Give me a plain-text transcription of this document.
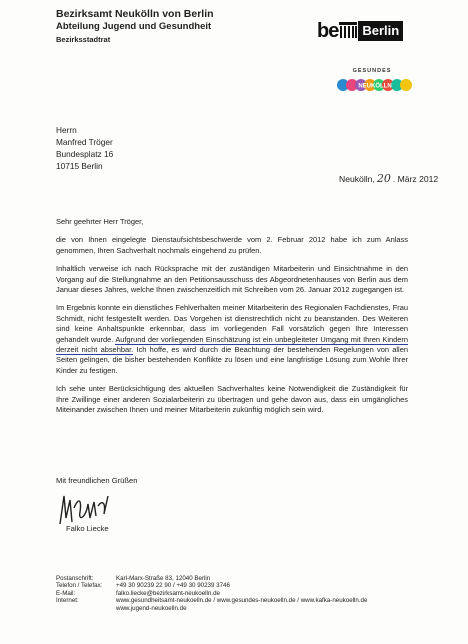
Bezirksamt Neukölln von Berlin
Abteilung Jugend und Gesundheit
Bezirksstadtrat	be	Berlin
GESUNDES
NEUKÖLLN
Herrn
Manfred Tröger
Bundesplatz 16
10715 Berlin
Neukölln, 20 . März 2012

Sehr geehrter Herr Tröger,

die von Ihnen eingelegte Dienstaufsichtsbeschwerde vom 2. Februar 2012 habe ich zum Anlass genommen, Ihren Sachverhalt nochmals eingehend zu prüfen.

Inhaltlich verweise ich nach Rücksprache mit der zuständigen Mitarbeiterin und Einsichtnahme in den Vorgang auf die Stellungnahme an den Petitionsausschuss des Abgeordnetenhauses von Berlin aus dem Januar dieses Jahres, welche Ihnen zwischenzeitlich mit Schreiben vom 26. Januar 2012 zugegangen ist.

Im Ergebnis konnte ein dienstliches Fehlverhalten meiner Mitarbeiterin des Regionalen Fachdienstes, Frau Schmidt, nicht festgestellt werden. Das Vorgehen ist dienstrechtlich nicht zu beanstanden. Des Weiteren sind keine Anhaltspunkte erkennbar, dass im vorliegenden Fall vorsätzlich gegen Ihre Interessen gehandelt wurde. Aufgrund der vorliegenden Einschätzung ist ein unbegleiteter Umgang mit Ihren Kindern derzeit nicht absehbar. Ich hoffe, es wird durch die Beachtung der bestehenden Regelungen von allen Seiten gelingen, die bisher bestehenden Konflikte zu lösen und eine langfristige Lösung zum Wohle Ihrer Kinder zu festigen.

Ich sehe unter Berücksichtigung des aktuellen Sachverhaltes keine Notwendigkeit die Zuständigkeit für Ihre Zwillinge einer anderen Sozialarbeiterin zu übertragen und gehe davon aus, dass ein umgängliches Miteinander zwischen Ihnen und meiner Mitarbeiterin zukünftig möglich sein wird.

Mit freundlichen Grüßen
Falko Liecke
Postanschrift:	Karl-Marx-Straße 83, 12040 Berlin
Telefon / Telefax:	+49 30 90239 22 90 / +49 30 90239 3746
E-Mail:	falko.liecke@bezirksamt-neukoelln.de
Internet:	www.gesundheitsamt-neukoelln.de / www.gesundes-neukoelln.de / www.kafka-neukoelln.de
www.jugend-neukoelln.de
